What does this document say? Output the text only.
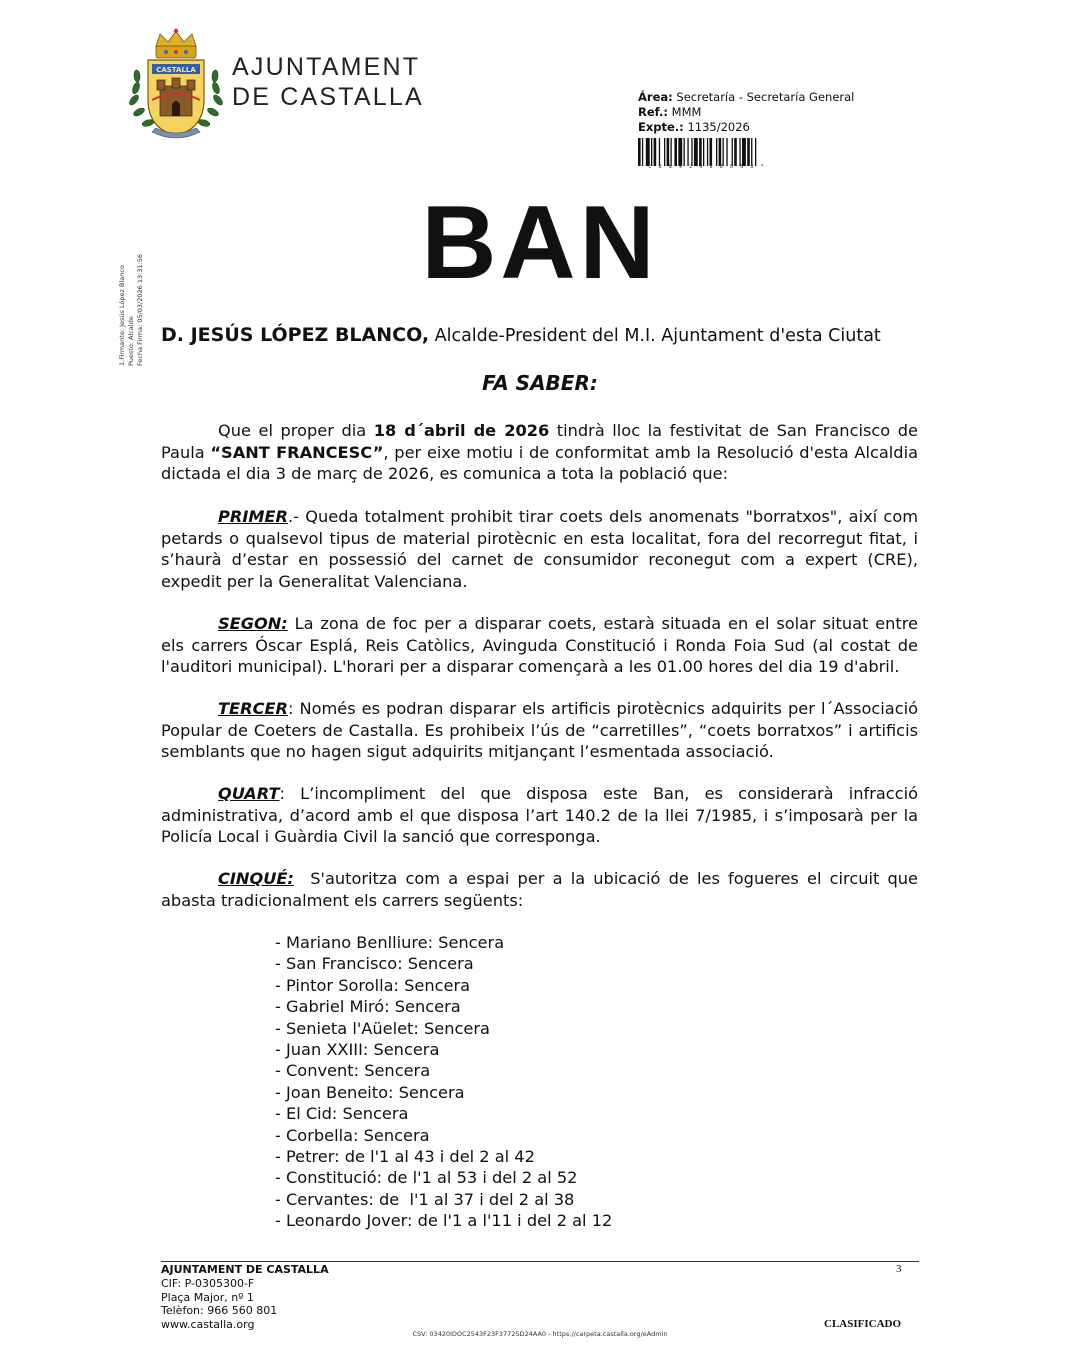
CASTALLA AJUNTAMENT
DE CASTALLA	Área: Secretaría - Secretaría General
Ref.: MMM
Expte.: 1135/2026
* C B N 9 2 0 8 8 8 6 8 *
1.Firmante: Jesús López Blanco Puesto: Alcalde Fecha Firma: 05/03/2026 13:31:56
BAN
D. JESÚS LÓPEZ BLANCO, Alcalde-President del M.I. Ajuntament d'esta Ciutat
FA SABER:
Que el proper dia 18 d´abril de 2026 tindrà lloc la festivitat de San Francisco de Paula “SANT FRANCESC”, per eixe motiu i de conformitat amb la Resolució d'esta Alcaldia dictada el dia 3 de març de 2026, es comunica a tota la població que:
PRIMER.- Queda totalment prohibit tirar coets dels anomenats "borratxos", així com petards o qualsevol tipus de material pirotècnic en esta localitat, fora del recorregut fitat, i s’haurà d’estar en possessió del carnet de consumidor reconegut com a expert (CRE), expedit per la Generalitat Valenciana.
SEGON: La zona de foc per a disparar coets, estarà situada en el solar situat entre els carrers Óscar Esplá, Reis Catòlics, Avinguda Constitució i Ronda Foia Sud (al costat de l'auditori municipal). L'horari per a disparar començarà a les 01.00 hores del dia 19 d'abril.
TERCER: Només es podran disparar els artificis pirotècnics adquirits per l´Associació Popular de Coeters de Castalla. Es prohibeix l’ús de “carretilles”, “coets borratxos” i artificis semblants que no hagen sigut adquirits mitjançant l’esmentada associació.
QUART: L’incompliment del que disposa este Ban, es considerarà infracció administrativa, d’acord amb el que disposa l’art 140.2 de la llei 7/1985, i s’imposarà per la Policía Local i Guàrdia Civil la sanció que corresponga.
CINQUÉ: S'autoritza com a espai per a la ubicació de les fogueres el circuit que abasta tradicionalment els carrers següents:
- Mariano Benlliure: Sencera
- San Francisco: Sencera
- Pintor Sorolla: Sencera
- Gabriel Miró: Sencera
- Senieta l'Aüelet: Sencera
- Juan XXIII: Sencera
- Convent: Sencera
- Joan Beneito: Sencera
- El Cid: Sencera
- Corbella: Sencera
- Petrer: de l'1 al 43 i del 2 al 42
- Constitució: de l'1 al 53 i del 2 al 52
- Cervantes: de  l'1 al 37 i del 2 al 38
- Leonardo Jover: de l'1 a l'11 i del 2 al 12
AJUNTAMENT DE CASTALLA	3
CIF: P-0305300-F
Plaça Major, nº 1
Telèfon: 966 560 801
www.castalla.org	CLASIFICADO
CSV: 03420IDOC2543F23F37725D24AA0 - https://carpeta.castalla.org/eAdmin
